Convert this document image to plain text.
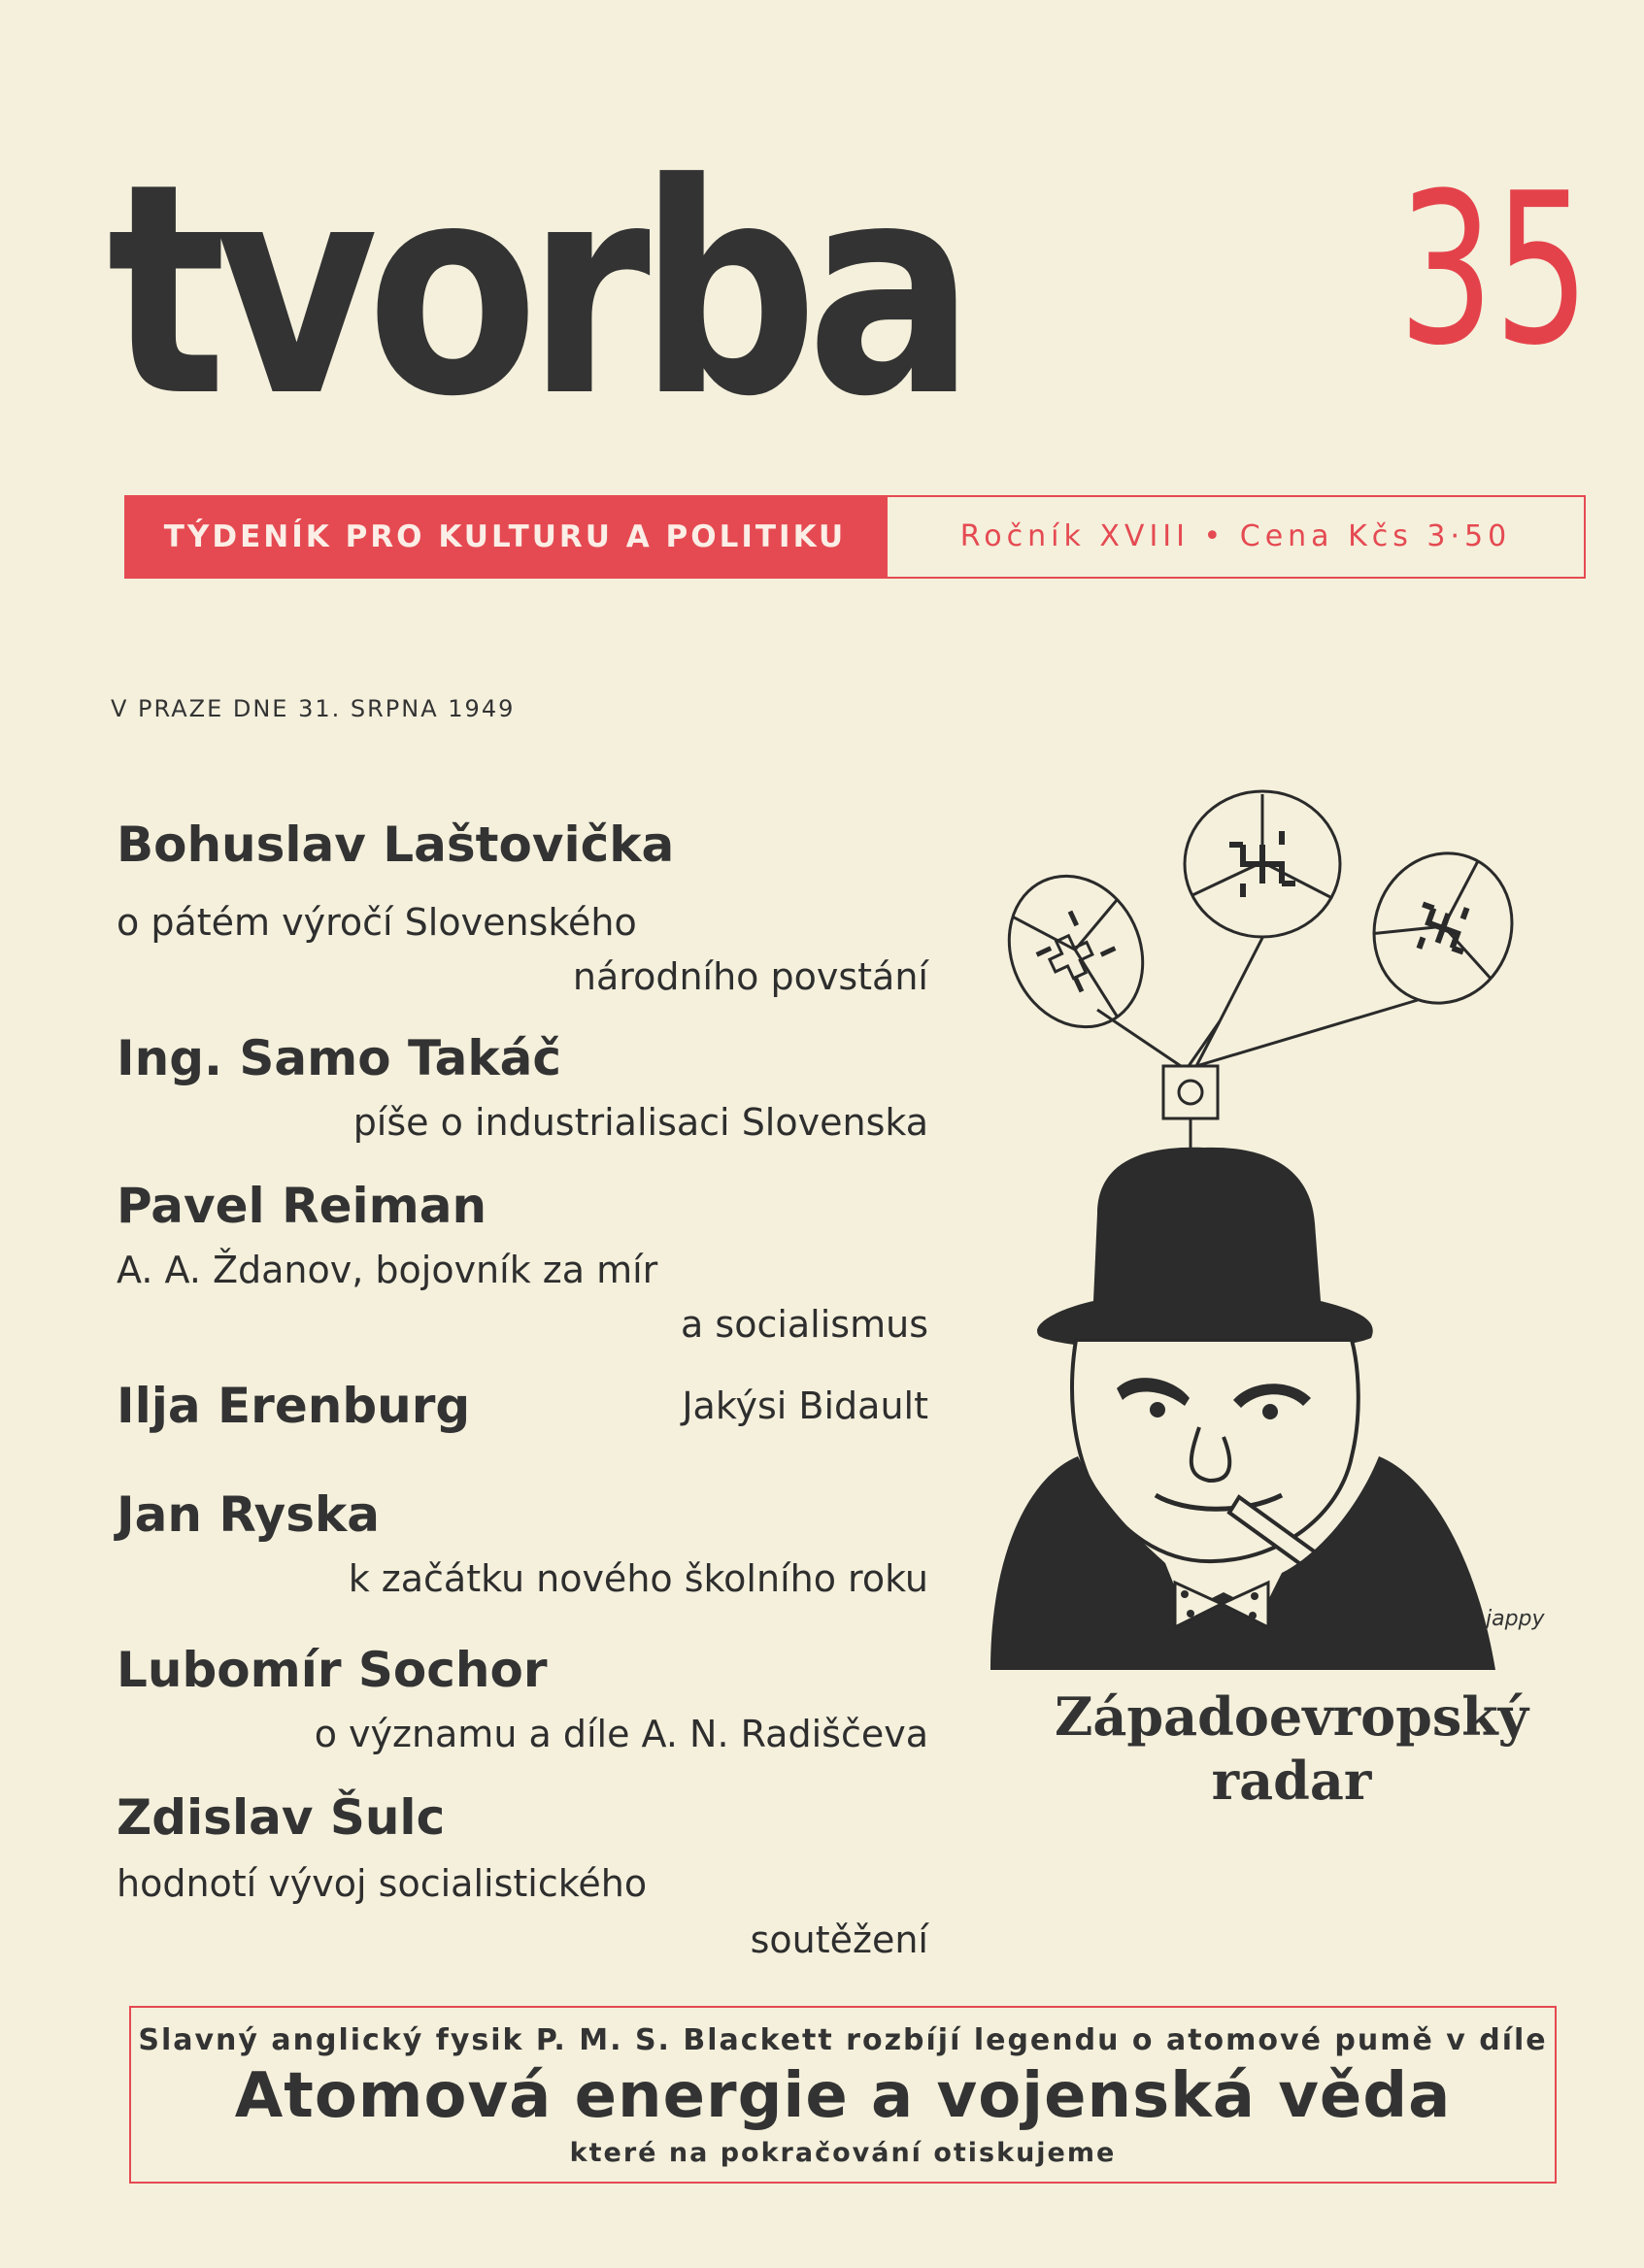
tvorba 35
TÝDENÍK PRO KULTURU A POLITIKU	Ročník XVIII • Cena Kčs 3·50
V PRAZE DNE 31. SRPNA 1949
Bohuslav Laštovička
o pátém výročí Slovenského
národního povstání
Ing. Samo Takáč
píše o industrialisaci Slovenska
Pavel Reiman
A. A. Ždanov, bojovník za mír
a socialismus
Ilja Erenburg	Jakýsi Bidault
Jan Ryska
k začátku nového školního roku
Lubomír Sochor
o významu a díle A. N. Radiščeva
Zdislav Šulc
hodnotí vývoj socialistického
soutěžení
jappy
Západoevropský
radar
Slavný anglický fysik P. M. S. Blackett rozbíjí legendu o atomové pumě v díle
Atomová energie a vojenská věda
které na pokračování otiskujeme
